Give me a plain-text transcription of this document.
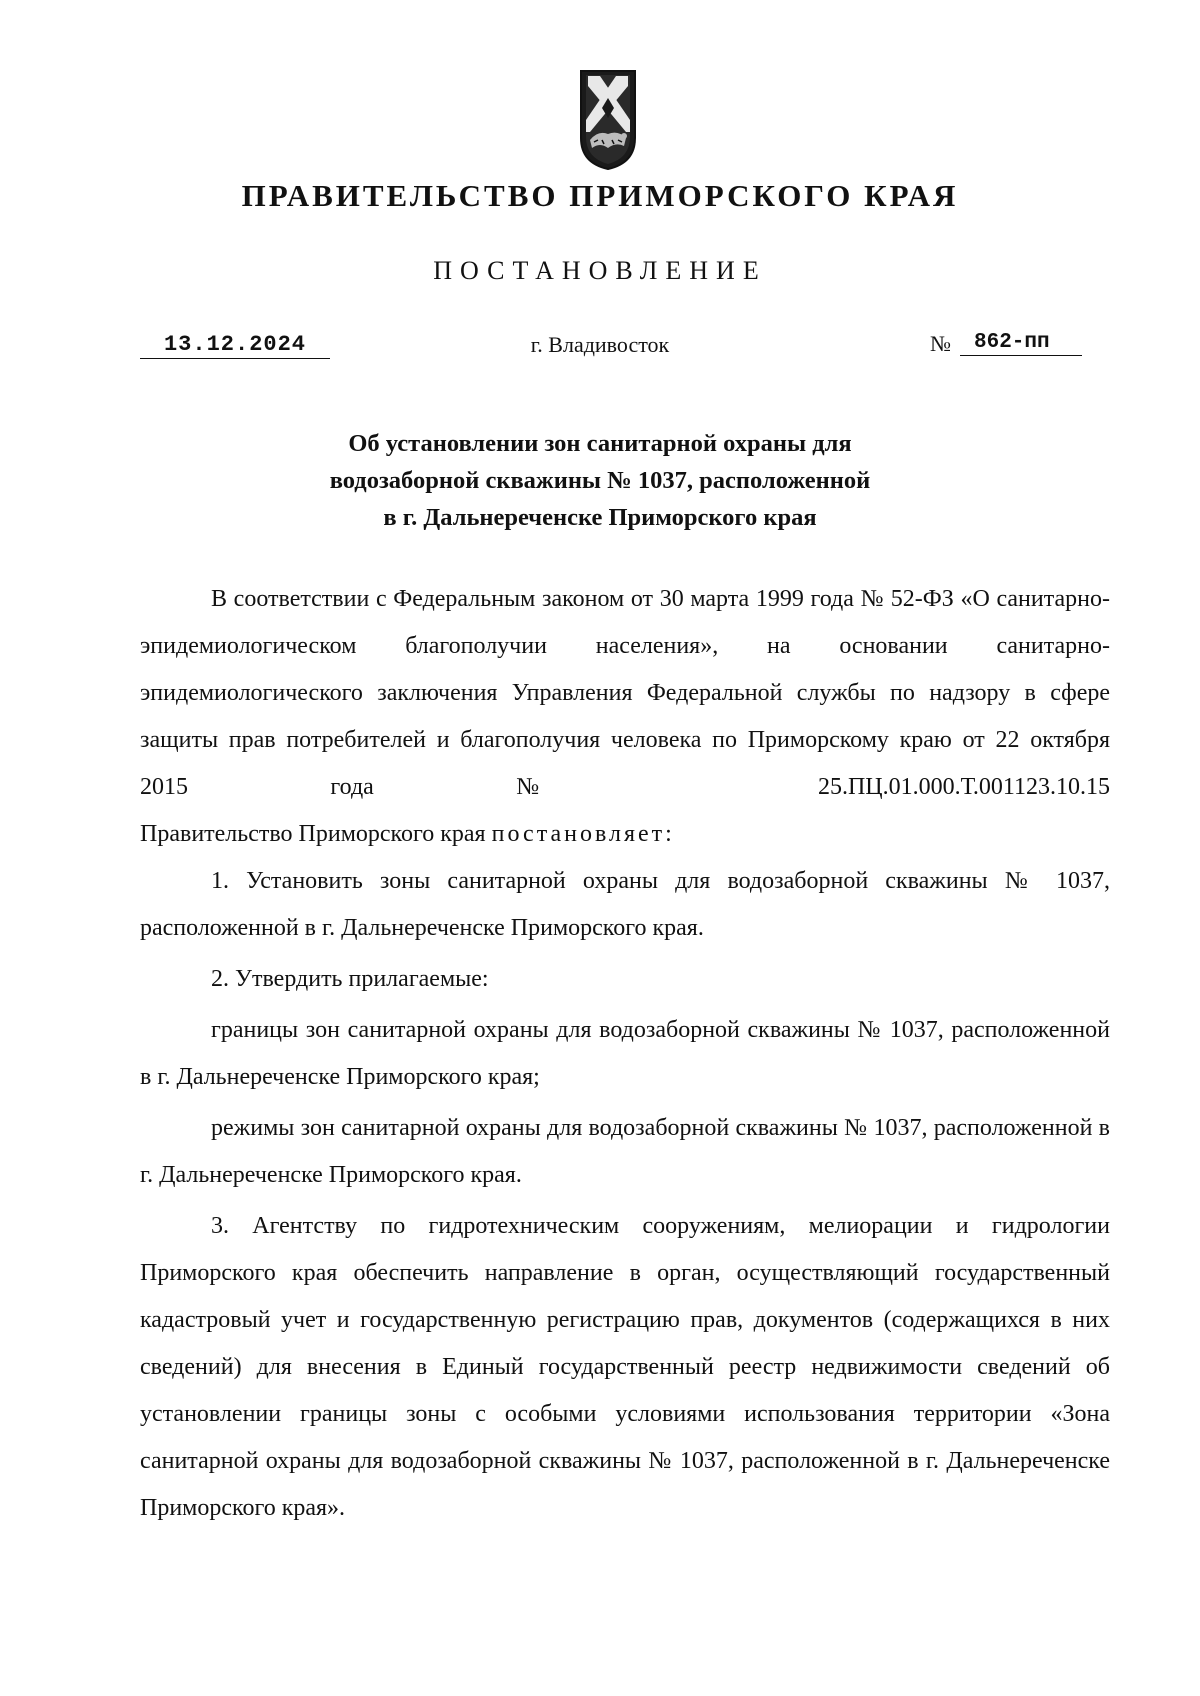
ПРАВИТЕЛЬСТВО ПРИМОРСКОГО КРАЯ
ПОСТАНОВЛЕНИЕ
13.12.2024	г. Владивосток	№	862-пп
Об установлении зон санитарной охраны для
водозаборной скважины № 1037, расположенной
в г. Дальнереченске Приморского края

В соответствии с Федеральным законом от 30 марта 1999 года № 52-ФЗ «О санитарно-эпидемиологическом благополучии населения», на основании санитарно-эпидемиологического заключения Управления Федеральной службы по надзору в сфере защиты прав потребителей и благополучия человека по Приморскому краю от 22 октября 2015 года № 25.ПЦ.01.000.Т.001123.10.15

Правительство Приморского края постановляет:

1. Установить зоны санитарной охраны для водозаборной скважины № 1037, расположенной в г. Дальнереченске Приморского края.

2. Утвердить прилагаемые:

границы зон санитарной охраны для водозаборной скважины № 1037, расположенной в г. Дальнереченске Приморского края;

режимы зон санитарной охраны для водозаборной скважины № 1037, расположенной в г. Дальнереченске Приморского края.

3. Агентству по гидротехническим сооружениям, мелиорации и гидрологии Приморского края обеспечить направление в орган, осуществляющий государственный кадастровый учет и государственную регистрацию прав, документов (содержащихся в них сведений) для внесения в Единый государственный реестр недвижимости сведений об установлении границы зоны с особыми условиями использования территории «Зона санитарной охраны для водозаборной скважины № 1037, расположенной в г. Дальнереченске Приморского края».
